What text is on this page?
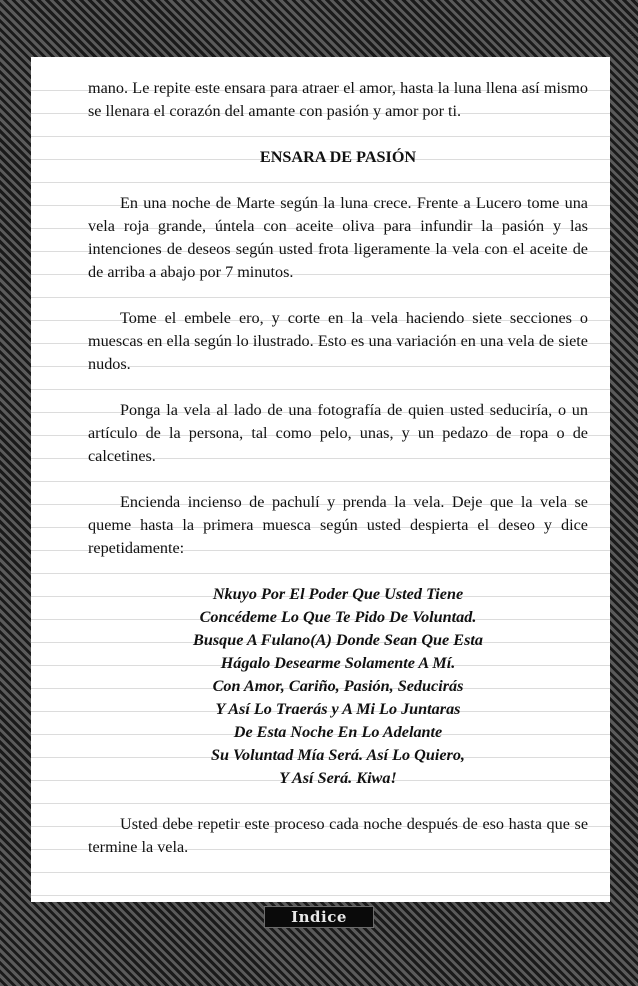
mano. Le repite este ensara para atraer el amor, hasta la luna llena así mismo se llenara el corazón del amante con pasión y amor por ti.

ENSARA DE PASIÓN

En una noche de Marte según la luna crece. Frente a Lucero tome una vela roja grande, úntela con aceite oliva para infundir la pasión y las intenciones de deseos según usted frota ligeramente la vela con el aceite de de arriba a abajo por 7 minutos.

Tome el embele ero, y corte en la vela haciendo siete secciones o muescas en ella según lo ilustrado. Esto es una variación en una vela de siete nudos.

Ponga la vela al lado de una fotografía de quien usted seduciría, o un artículo de la persona, tal como pelo, unas, y un pedazo de ropa o de calcetines.

Encienda incienso de pachulí y prenda la vela. Deje que la vela se queme hasta la primera muesca según usted despierta el deseo y dice repetidamente:

Nkuyo Por El Poder Que Usted Tiene
Concédeme Lo Que Te Pido De Voluntad.
Busque A Fulano(A) Donde Sean Que Esta
Hágalo Desearme Solamente A Mí.
Con Amor, Cariño, Pasión, Seducirás
Y Así Lo Traerás y A Mi Lo Juntaras
De Esta Noche En Lo Adelante
Su Voluntad Mía Será. Así Lo Quiero,
Y Así Será. Kiwa!

Usted debe repetir este proceso cada noche después de eso hasta que se termine la vela.

Indice
